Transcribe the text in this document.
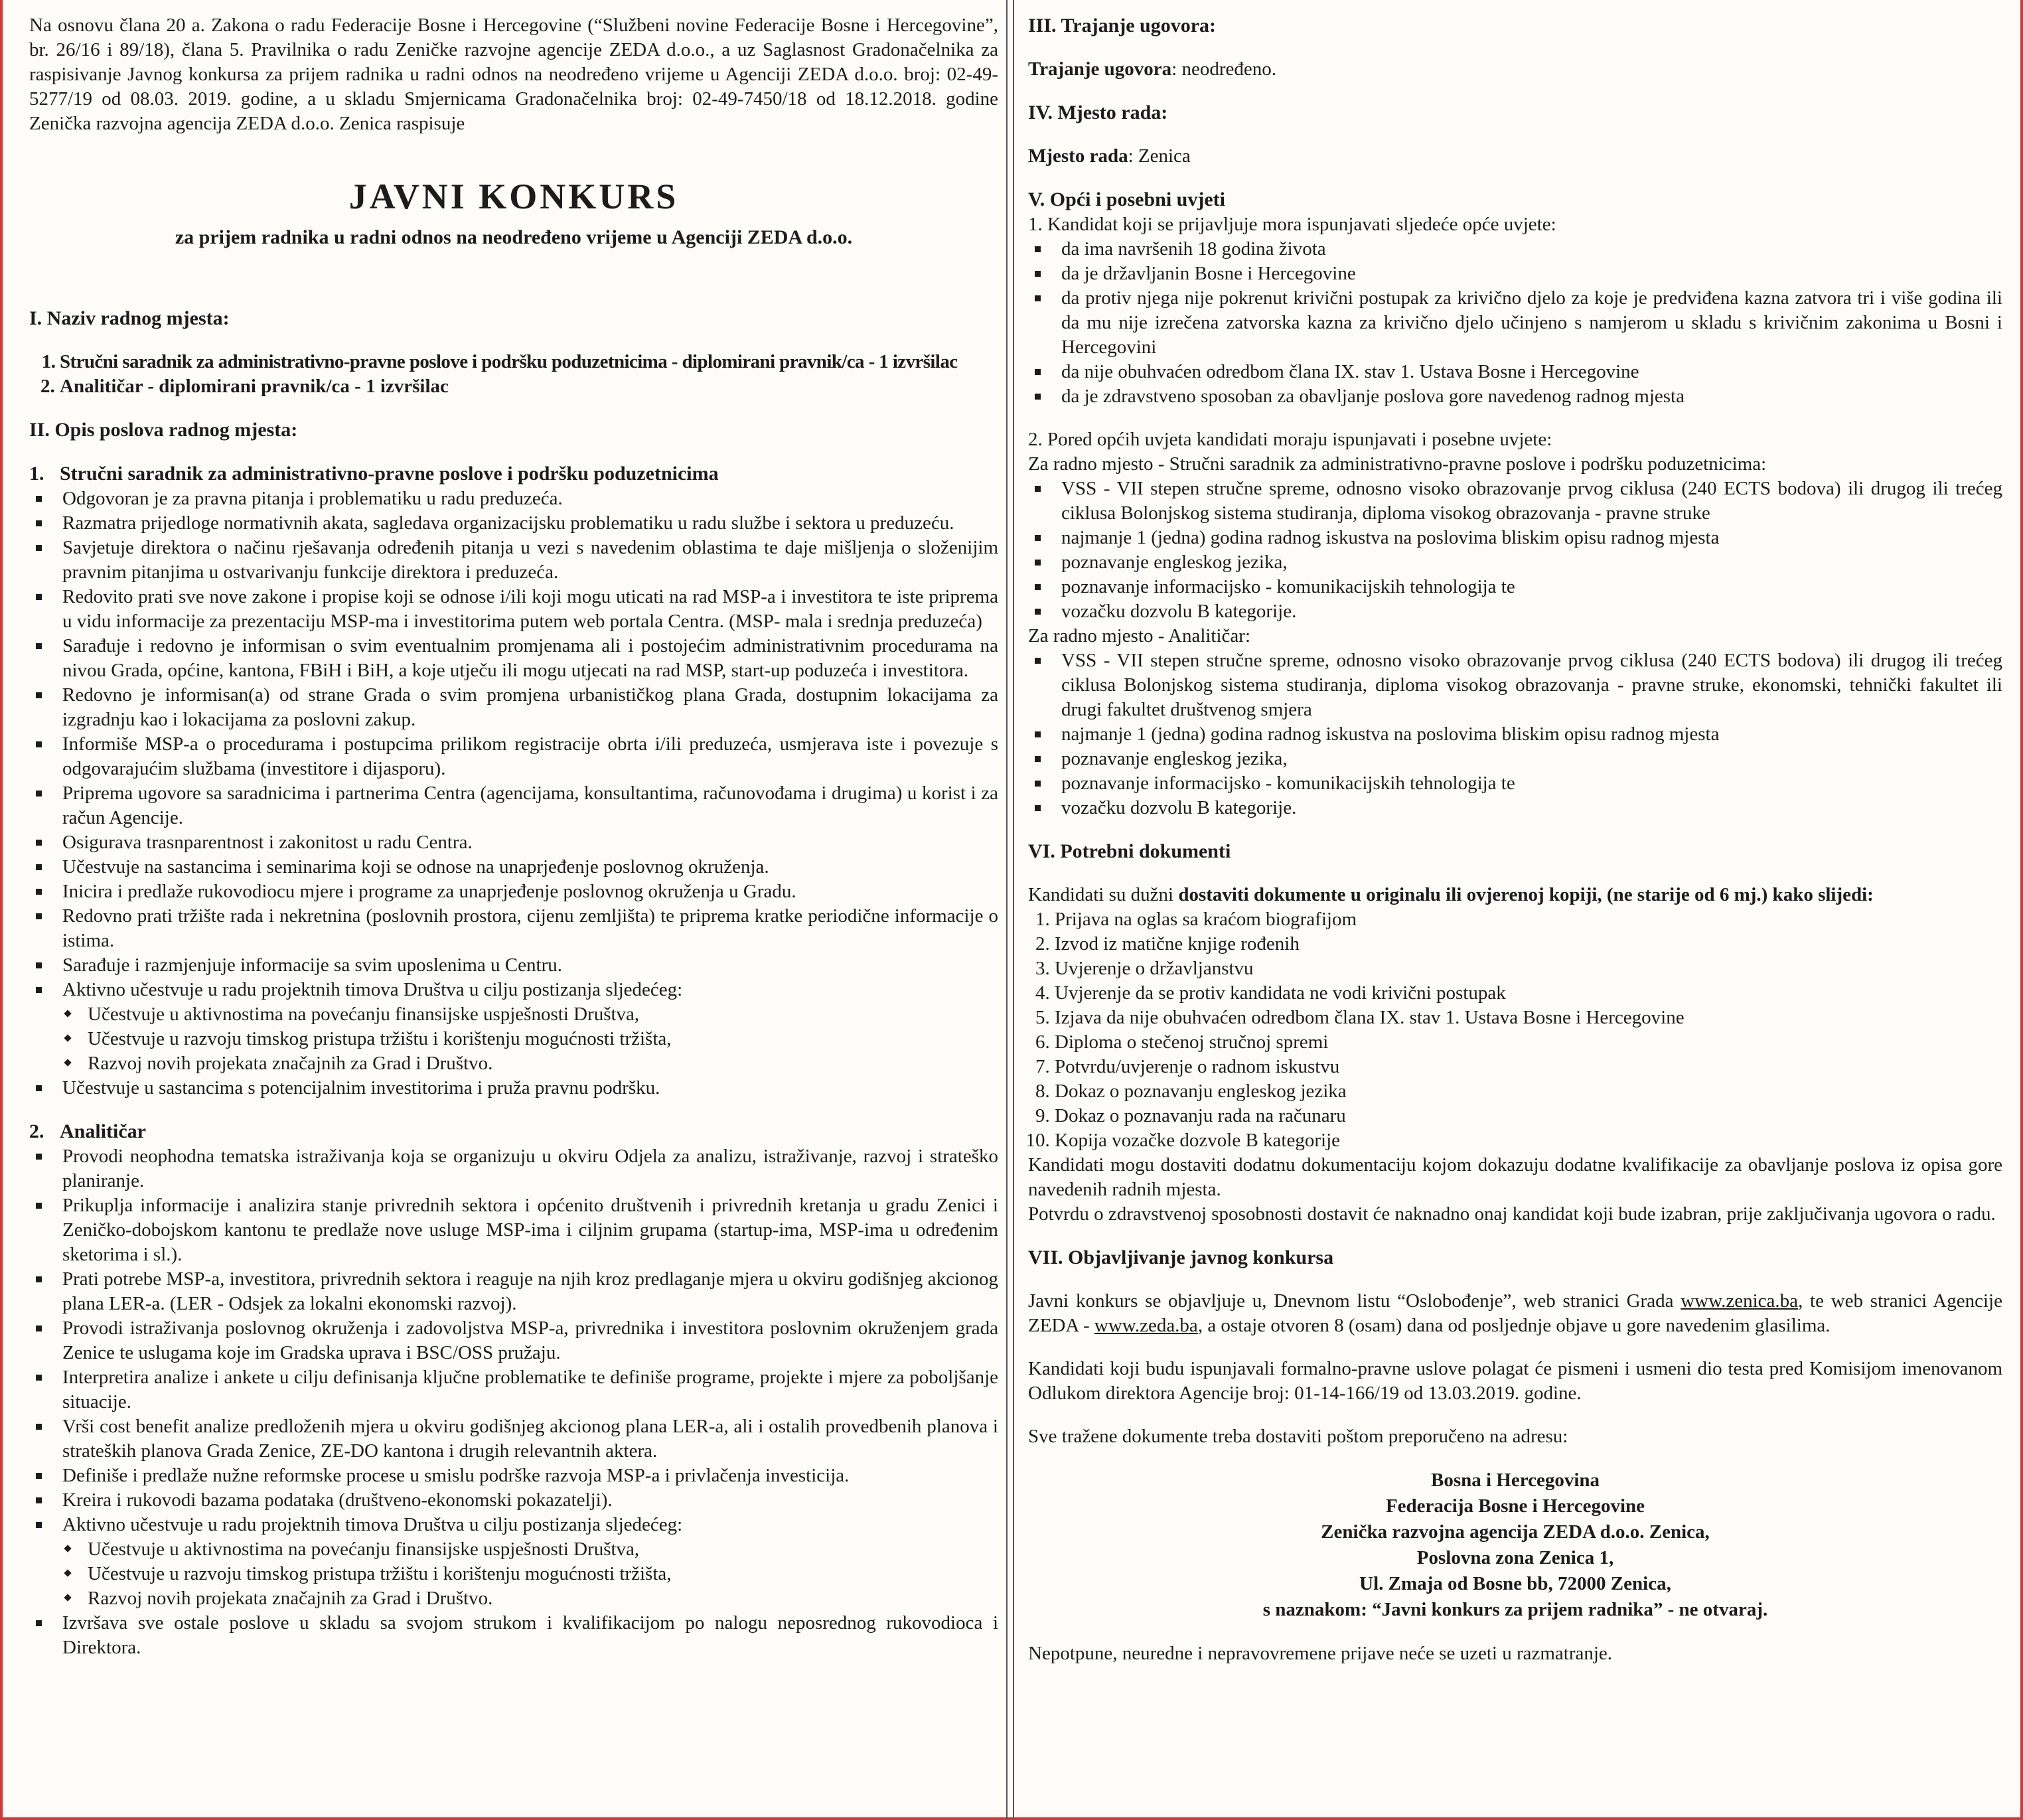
Na osnovu člana 20 a. Zakona o radu Federacije Bosne i Hercegovine (“Službeni novine Federacije Bosne i Hercegovine”, br. 26/16 i 89/18), člana 5. Pravilnika o radu Zeničke razvojne agencije ZEDA d.o.o., a uz Saglasnost Gradonačelnika za raspisivanje Javnog konkursa za prijem radnika u radni odnos na neodređeno vrijeme u Agenciji ZEDA d.o.o. broj: 02-49-5277/19 od 08.03. 2019. godine, a u skladu Smjernicama Gradonačelnika broj: 02-49-7450/18 od 18.12.2018. godine Zenička razvojna agencija ZEDA d.o.o. Zenica raspisuje

JAVNI KONKURS
za prijem radnika u radni odnos na neodređeno vrijeme u Agenciji ZEDA d.o.o.
I. Naziv radnog mjesta:
1. Stručni saradnik za administrativno-pravne poslove i podršku poduzetnicima - diplomirani pravnik/ca - 1 izvršilac
2. Analitičar - diplomirani pravnik/ca - 1 izvršilac
II. Opis poslova radnog mjesta:
1. Stručni saradnik za administrativno-pravne poslove i podršku poduzetnicima
Odgovoran je za pravna pitanja i problematiku u radu preduzeća.
Razmatra prijedloge normativnih akata, sagledava organizacijsku problematiku u radu službe i sektora u preduzeću.
Savjetuje direktora o načinu rješavanja određenih pitanja u vezi s navedenim oblastima te daje mišljenja o složenijim pravnim pitanjima u ostvarivanju funkcije direktora i preduzeća.
Redovito prati sve nove zakone i propise koji se odnose i/ili koji mogu uticati na rad MSP-a i investitora te iste priprema u vidu informacije za prezentaciju MSP-ma i investitorima putem web portala Centra. (MSP- mala i srednja preduzeća)
Sarađuje i redovno je informisan o svim eventualnim promjenama ali i postojećim administrativnim procedurama na nivou Grada, općine, kantona, FBiH i BiH, a koje utječu ili mogu utjecati na rad MSP, start-up poduzeća i investitora.
Redovno je informisan(a) od strane Grada o svim promjena urbanističkog plana Grada, dostupnim lokacijama za izgradnju kao i lokacijama za poslovni zakup.
Informiše MSP-a o procedurama i postupcima prilikom registracije obrta i/ili preduzeća, usmjerava iste i povezuje s odgovarajućim službama (investitore i dijasporu).
Priprema ugovore sa saradnicima i partnerima Centra (agencijama, konsultantima, računovođama i drugima) u korist i za račun Agencije.
Osigurava trasnparentnost i zakonitost u radu Centra.
Učestvuje na sastancima i seminarima koji se odnose na unaprjeđenje poslovnog okruženja.
Inicira i predlaže rukovodiocu mjere i programe za unaprjeđenje poslovnog okruženja u Gradu.
Redovno prati tržište rada i nekretnina (poslovnih prostora, cijenu zemljišta) te priprema kratke periodične informacije o istima.
Sarađuje i razmjenjuje informacije sa svim uposlenima u Centru.
Aktivno učestvuje u radu projektnih timova Društva u cilju postizanja sljedećeg:
Učestvuje u aktivnostima na povećanju finansijske uspješnosti Društva,
Učestvuje u razvoju timskog pristupa tržištu i korištenju mogućnosti tržišta,
Razvoj novih projekata značajnih za Grad i Društvo.
Učestvuje u sastancima s potencijalnim investitorima i pruža pravnu podršku.
2. Analitičar
Provodi neophodna tematska istraživanja koja se organizuju u okviru Odjela za analizu, istraživanje, razvoj i strateško planiranje.
Prikuplja informacije i analizira stanje privrednih sektora i općenito društvenih i privrednih kretanja u gradu Zenici i Zeničko-dobojskom kantonu te predlaže nove usluge MSP-ima i ciljnim grupama (startup-ima, MSP-ima u određenim sketorima i sl.).
Prati potrebe MSP-a, investitora, privrednih sektora i reaguje na njih kroz predlaganje mjera u okviru godišnjeg akcionog plana LER-a. (LER - Odsjek za lokalni ekonomski razvoj).
Provodi istraživanja poslovnog okruženja i zadovoljstva MSP-a, privrednika i investitora poslovnim okruženjem grada Zenice te uslugama koje im Gradska uprava i BSC/OSS pružaju.
Interpretira analize i ankete u cilju definisanja ključne problematike te definiše programe, projekte i mjere za poboljšanje situacije.
Vrši cost benefit analize predloženih mjera u okviru godišnjeg akcionog plana LER-a, ali i ostalih provedbenih planova i strateških planova Grada Zenice, ZE-DO kantona i drugih relevantnih aktera.
Definiše i predlaže nužne reformske procese u smislu podrške razvoja MSP-a i privlačenja investicija.
Kreira i rukovodi bazama podataka (društveno-ekonomski pokazatelji).
Aktivno učestvuje u radu projektnih timova Društva u cilju postizanja sljedećeg:
Učestvuje u aktivnostima na povećanju finansijske uspješnosti Društva,
Učestvuje u razvoju timskog pristupa tržištu i korištenju mogućnosti tržišta,
Razvoj novih projekata značajnih za Grad i Društvo.
Izvršava sve ostale poslove u skladu sa svojom strukom i kvalifikacijom po nalogu neposrednog rukovodioca i Direktora.
III. Trajanje ugovora:

Trajanje ugovora: neodređeno.

IV. Mjesto rada:

Mjesto rada: Zenica

V. Opći i posebni uvjeti

1. Kandidat koji se prijavljuje mora ispunjavati sljedeće opće uvjete:

da ima navršenih 18 godina života
da je državljanin Bosne i Hercegovine
da protiv njega nije pokrenut krivični postupak za krivično djelo za koje je predviđena kazna zatvora tri i više godina ili da mu nije izrečena zatvorska kazna za krivično djelo učinjeno s namjerom u skladu s krivičnim zakonima u Bosni i Hercegovini
da nije obuhvaćen odredbom člana IX. stav 1. Ustava Bosne i Hercegovine
da je zdravstveno sposoban za obavljanje poslova gore navedenog radnog mjesta

2. Pored općih uvjeta kandidati moraju ispunjavati i posebne uvjete:

Za radno mjesto - Stručni saradnik za administrativno-pravne poslove i podršku poduzetnicima:

VSS - VII stepen stručne spreme, odnosno visoko obrazovanje prvog ciklusa (240 ECTS bodova) ili drugog ili trećeg ciklusa Bolonjskog sistema studiranja, diploma visokog obrazovanja - pravne struke
najmanje 1 (jedna) godina radnog iskustva na poslovima bliskim opisu radnog mjesta
poznavanje engleskog jezika,
poznavanje informacijsko - komunikacijskih tehnologija te
vozačku dozvolu B kategorije.

Za radno mjesto - Analitičar:

VSS - VII stepen stručne spreme, odnosno visoko obrazovanje prvog ciklusa (240 ECTS bodova) ili drugog ili trećeg ciklusa Bolonjskog sistema studiranja, diploma visokog obrazovanja - pravne struke, ekonomski, tehnički fakultet ili drugi fakultet društvenog smjera
najmanje 1 (jedna) godina radnog iskustva na poslovima bliskim opisu radnog mjesta
poznavanje engleskog jezika,
poznavanje informacijsko - komunikacijskih tehnologija te
vozačku dozvolu B kategorije.
VI. Potrebni dokumenti

Kandidati su dužni dostaviti dokumente u originalu ili ovjerenoj kopiji, (ne starije od 6 mj.) kako slijedi:

1. Prijava na oglas sa kraćom biografijom
2. Izvod iz matične knjige rođenih
3. Uvjerenje o državljanstvu
4. Uvjerenje da se protiv kandidata ne vodi krivični postupak
5. Izjava da nije obuhvaćen odredbom člana IX. stav 1. Ustava Bosne i Hercegovine
6. Diploma o stečenoj stručnoj spremi
7. Potvrdu/uvjerenje o radnom iskustvu
8. Dokaz o poznavanju engleskog jezika
9. Dokaz o poznavanju rada na računaru
10. Kopija vozačke dozvole B kategorije

Kandidati mogu dostaviti dodatnu dokumentaciju kojom dokazuju dodatne kvalifikacije za obavljanje poslova iz opisa gore navedenih radnih mjesta.

Potvrdu o zdravstvenoj sposobnosti dostavit će naknadno onaj kandidat koji bude izabran, prije zaključivanja ugovora o radu.

VII. Objavljivanje javnog konkursa

Javni konkurs se objavljuje u, Dnevnom listu “Oslobođenje”, web stranici Grada www.zenica.ba, te web stranici Agencije ZEDA - www.zeda.ba, a ostaje otvoren 8 (osam) dana od posljednje objave u gore navedenim glasilima.

Kandidati koji budu ispunjavali formalno-pravne uslove polagat će pismeni i usmeni dio testa pred Komisijom imenovanom Odlukom direktora Agencije broj: 01-14-166/19 od 13.03.2019. godine.

Sve tražene dokumente treba dostaviti poštom preporučeno na adresu:

Bosna i Hercegovina
Federacija Bosne i Hercegovine
Zenička razvojna agencija ZEDA d.o.o. Zenica,
Poslovna zona Zenica 1,
Ul. Zmaja od Bosne bb, 72000 Zenica,
s naznakom: “Javni konkurs za prijem radnika” - ne otvaraj.

Nepotpune, neuredne i nepravovremene prijave neće se uzeti u razmatranje.
